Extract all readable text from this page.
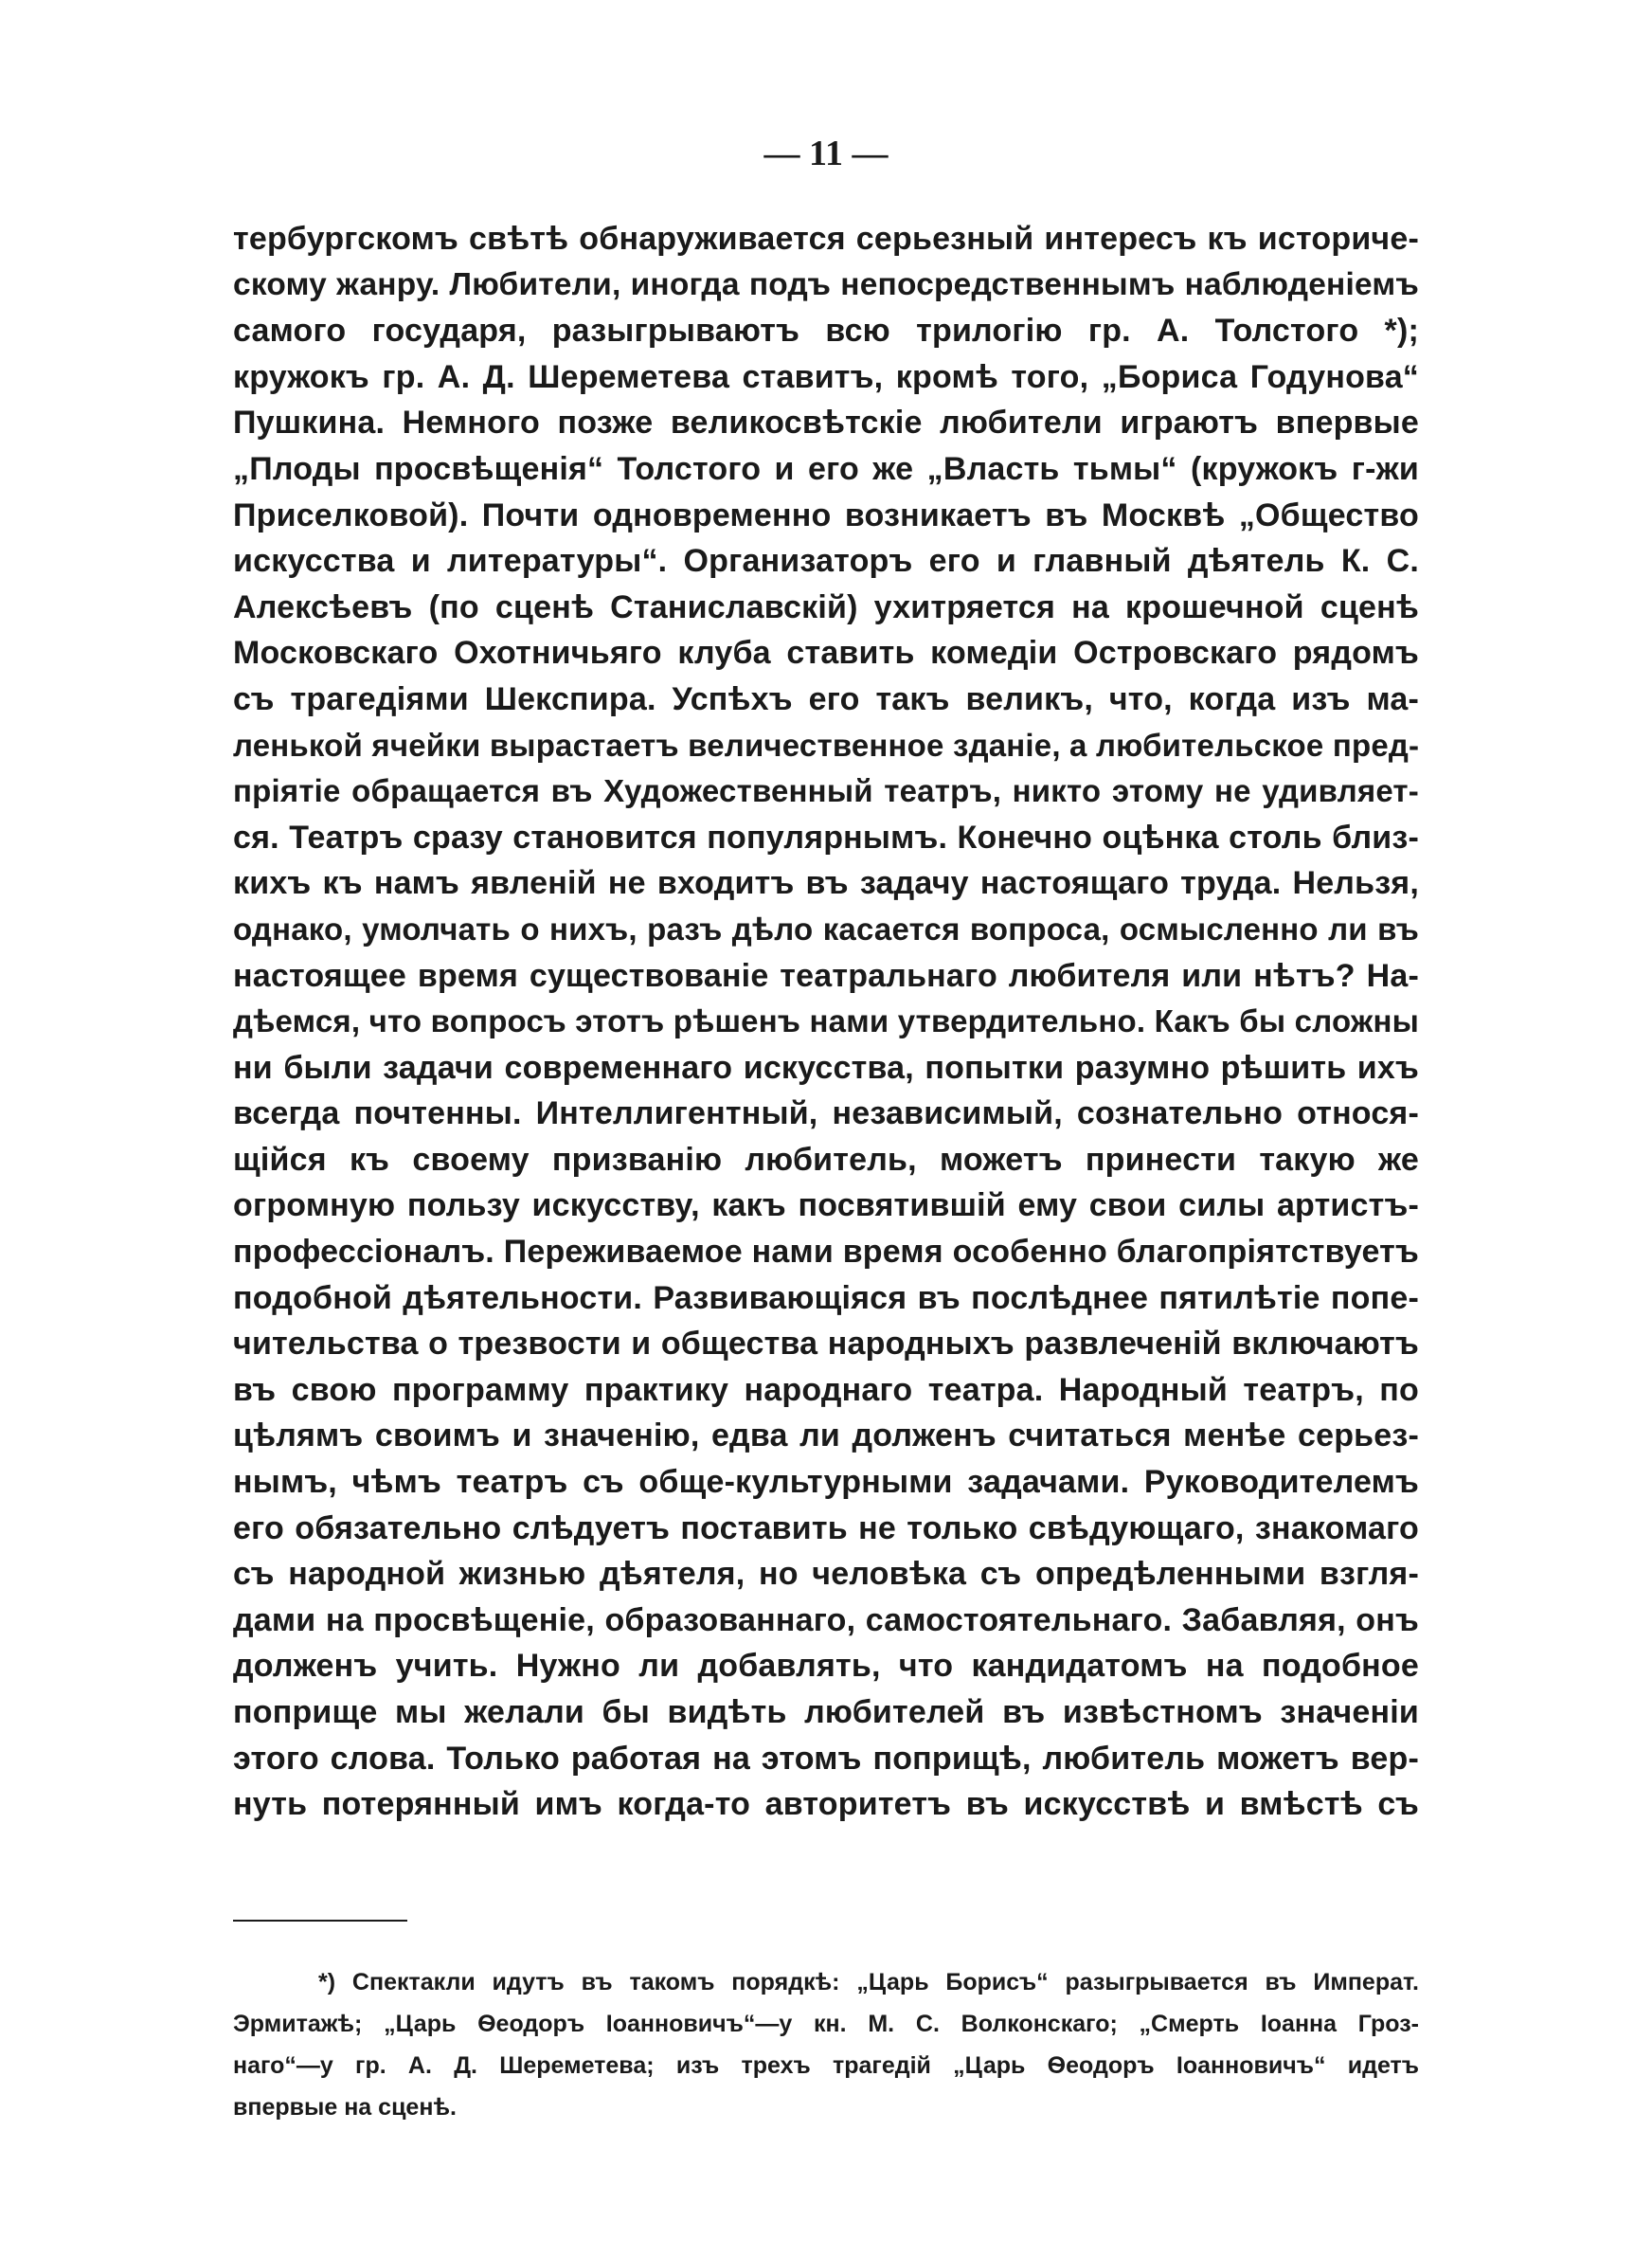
— 11 —
тербургскомъ свѣтѣ обнаруживается серьезный интересъ къ историче-
скому жанру. Любители, иногда подъ непосредственнымъ наблюденіемъ
самого государя, разыгрываютъ всю трилогію гр. А. Толстого *);
кружокъ гр. А. Д. Шереметева ставитъ, кромѣ того, „Бориса Годунова“
Пушкина. Немного позже великосвѣтскіе любители играютъ впервые
„Плоды просвѣщенія“ Толстого и его же „Власть тьмы“ (кружокъ г-жи
Приселковой). Почти одновременно возникаетъ въ Москвѣ „Общество
искусства и литературы“. Организаторъ его и главный дѣятель К. С.
Алексѣевъ (по сценѣ Станиславскій) ухитряется на крошечной сценѣ
Московскаго Охотничьяго клуба ставить комедіи Островскаго рядомъ
съ трагедіями Шекспира. Успѣхъ его такъ великъ, что, когда изъ ма-
ленькой ячейки вырастаетъ величественное зданіе, а любительское пред-
пріятіе обращается въ Художественный театръ, никто этому не удивляет-
ся. Театръ сразу становится популярнымъ. Конечно оцѣнка столь близ-
кихъ къ намъ явленій не входитъ въ задачу настоящаго труда. Нельзя,
однако, умолчать о нихъ, разъ дѣло касается вопроса, осмысленно ли въ
настоящее время существованіе театральнаго любителя или нѣтъ? На-
дѣемся, что вопросъ этотъ рѣшенъ нами утвердительно. Какъ бы сложны
ни были задачи современнаго искусства, попытки разумно рѣшить ихъ
всегда почтенны. Интеллигентный, независимый, сознательно относя-
щійся къ своему призванію любитель, можетъ принести такую же
огромную пользу искусству, какъ посвятившій ему свои силы артистъ-
профессіоналъ. Переживаемое нами время особенно благопріятствуетъ
подобной дѣятельности. Развивающіяся въ послѣднее пятилѣтіе попе-
чительства о трезвости и общества народныхъ развлеченій включаютъ
въ свою программу практику народнаго театра. Народный театръ, по
цѣлямъ своимъ и значенію, едва ли долженъ считаться менѣе серьез-
нымъ, чѣмъ театръ съ обще-культурными задачами. Руководителемъ
его обязательно слѣдуетъ поставить не только свѣдующаго, знакомаго
съ народной жизнью дѣятеля, но человѣка съ опредѣленными взгля-
дами на просвѣщеніе, образованнаго, самостоятельнаго. Забавляя, онъ
долженъ учить. Нужно ли добавлять, что кандидатомъ на подобное
поприще мы желали бы видѣть любителей въ извѣстномъ значеніи
этого слова. Только работая на этомъ поприщѣ, любитель можетъ вер-
нуть потерянный имъ когда-то авторитетъ въ искусствѣ и вмѣстѣ съ
*) Спектакли идутъ въ такомъ порядкѣ: „Царь Борисъ“ разыгрывается въ Императ.
Эрмитажѣ; „Царь Ѳеодоръ Іоанновичъ“—у кн. М. С. Волконскаго; „Смерть Іоанна Гроз-
наго“—у гр. А. Д. Шереметева; изъ трехъ трагедій „Царь Ѳеодоръ Іоанновичъ“ идетъ
впервые на сценѣ.
